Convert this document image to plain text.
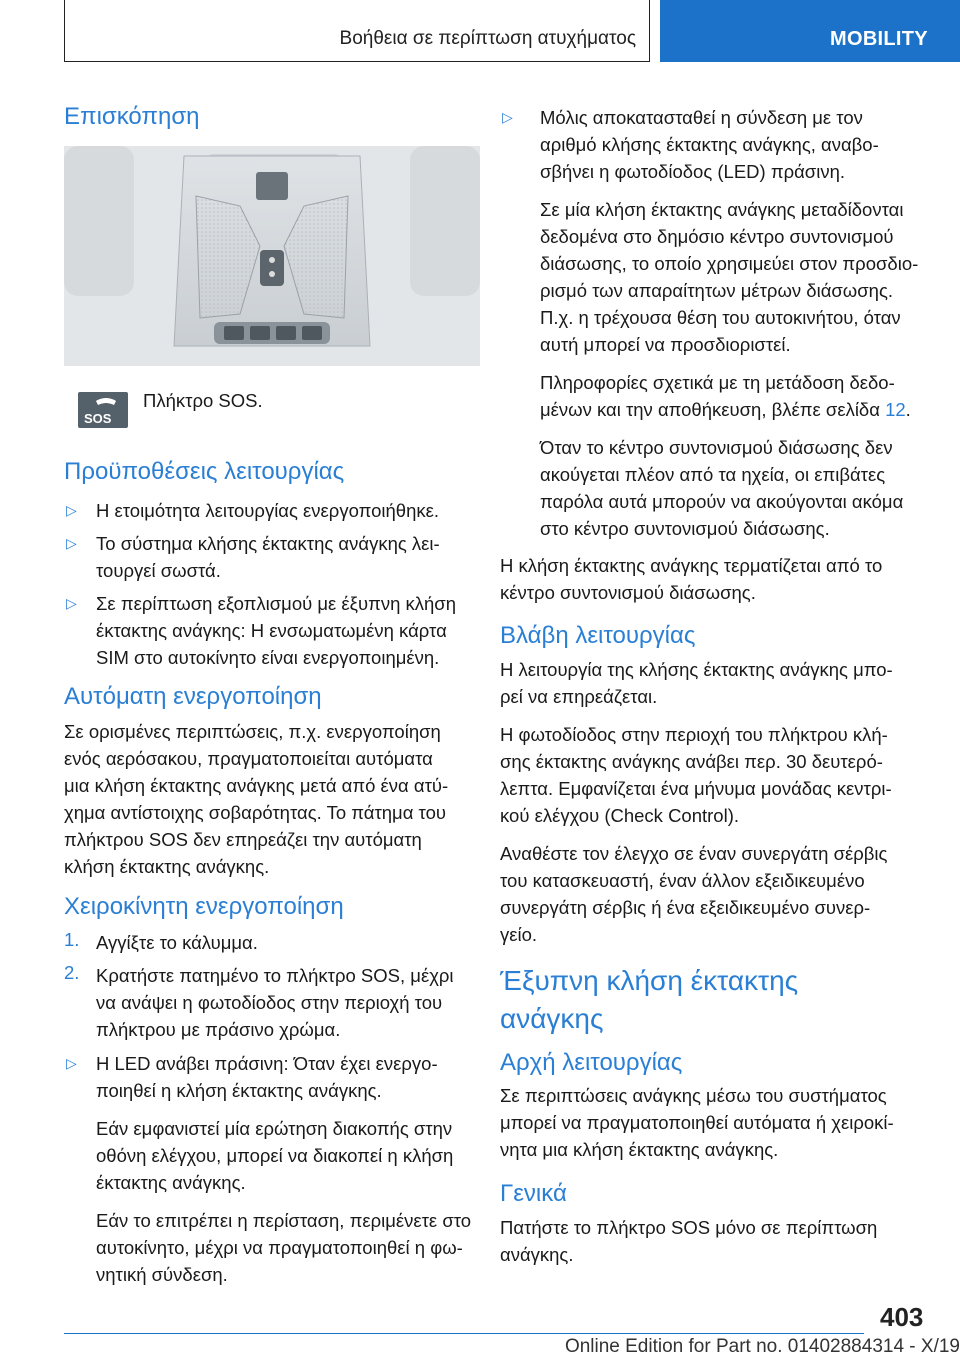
Βοήθεια σε περίπτωση ατυχήματος	MOBILITY
Επισκόπηση
SOS

Πλήκτρο SOS.

Προϋποθέσεις λειτουργίας
▷ Η ετοιμότητα λειτουργίας ενεργοποιήθηκε.

▷ Το σύστημα κλήσης έκτακτης ανάγκης λει-

τουργεί σωστά.

▷ Σε περίπτωση εξοπλισμού με έξυπνη κλήση

έκτακτης ανάγκης: Η ενσωματωμένη κάρτα

SIM στο αυτοκίνητο είναι ενεργοποιημένη.

Αυτόματη ενεργοποίηση

Σε ορισμένες περιπτώσεις, π.χ. ενεργοποίηση

ενός αερόσακου, πραγματοποιείται αυτόματα

μια κλήση έκτακτης ανάγκης μετά από ένα ατύ-

χημα αντίστοιχης σοβαρότητας. Το πάτημα του

πλήκτρου SOS δεν επηρεάζει την αυτόματη

κλήση έκτακτης ανάγκης.

Χειροκίνητη ενεργοποίηση
1. Αγγίξτε το κάλυμμα.

2. Κρατήστε πατημένο το πλήκτρο SOS, μέχρι

να ανάψει η φωτοδίοδος στην περιοχή του

πλήκτρου με πράσινο χρώμα.

▷ Η LED ανάβει πράσινη: Όταν έχει ενεργο-

ποιηθεί η κλήση έκτακτης ανάγκης.

Εάν εμφανιστεί μία ερώτηση διακοπής στην

οθόνη ελέγχου, μπορεί να διακοπεί η κλήση

έκτακτης ανάγκης.

Εάν το επιτρέπει η περίσταση, περιμένετε στο

αυτοκίνητο, μέχρι να πραγματοποιηθεί η φω-

νητική σύνδεση.

▷ Μόλις αποκατασταθεί η σύνδεση με τον

αριθμό κλήσης έκτακτης ανάγκης, αναβο-

σβήνει η φωτοδίοδος (LED) πράσινη.

Σε μία κλήση έκτακτης ανάγκης μεταδίδονται

δεδομένα στο δημόσιο κέντρο συντονισμού

διάσωσης, το οποίο χρησιμεύει στον προσδιο-

ρισμό των απαραίτητων μέτρων διάσωσης.

Π.χ. η τρέχουσα θέση του αυτοκινήτου, όταν

αυτή μπορεί να προσδιοριστεί.

Πληροφορίες σχετικά με τη μετάδοση δεδο-

μένων και την αποθήκευση, βλέπε σελίδα 12.

Όταν το κέντρο συντονισμού διάσωσης δεν

ακούγεται πλέον από τα ηχεία, οι επιβάτες

παρόλα αυτά μπορούν να ακούγονται ακόμα

στο κέντρο συντονισμού διάσωσης.

Η κλήση έκτακτης ανάγκης τερματίζεται από το

κέντρο συντονισμού διάσωσης.

Βλάβη λειτουργίας

Η λειτουργία της κλήσης έκτακτης ανάγκης μπο-

ρεί να επηρεάζεται.

Η φωτοδίοδος στην περιοχή του πλήκτρου κλή-

σης έκτακτης ανάγκης ανάβει περ. 30 δευτερό-

λεπτα. Εμφανίζεται ένα μήνυμα μονάδας κεντρι-

κού ελέγχου (Check Control).

Αναθέστε τον έλεγχο σε έναν συνεργάτη σέρβις

του κατασκευαστή, έναν άλλον εξειδικευμένο

συνεργάτη σέρβις ή ένα εξειδικευμένο συνερ-

γείο.

Έξυπνη κλήση έκτακτης
ανάγκης
Αρχή λειτουργίας

Σε περιπτώσεις ανάγκης μέσω του συστήματος

μπορεί να πραγματοποιηθεί αυτόματα ή χειροκί-

νητα μια κλήση έκτακτης ανάγκης.

Γενικά

Πατήστε το πλήκτρο SOS μόνο σε περίπτωση

ανάγκης.

403
Online Edition for Part no. 01402884314 - X/19
